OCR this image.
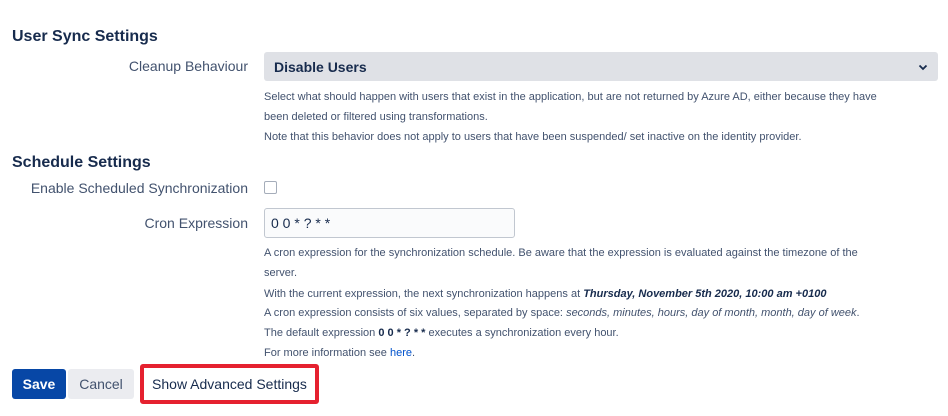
User Sync Settings
Cleanup Behaviour Disable Users
Select what should happen with users that exist in the application, but are not returned by Azure AD, either because they have
been deleted or filtered using transformations.
Note that this behavior does not apply to users that have been suspended/ set inactive on the identity provider.
Schedule Settings
Enable Scheduled Synchronization
Cron Expression
0 0 * ? * *
A cron expression for the synchronization schedule. Be aware that the expression is evaluated against the timezone of the
server.
With the current expression, the next synchronization happens at Thursday, November 5th 2020, 10:00 am +0100
A cron expression consists of six values, separated by space: seconds, minutes, hours, day of month, month, day of week.
The default expression 0 0 * ? * * executes a synchronization every hour.
For more information see here.
Save	Cancel	Show Advanced Settings
